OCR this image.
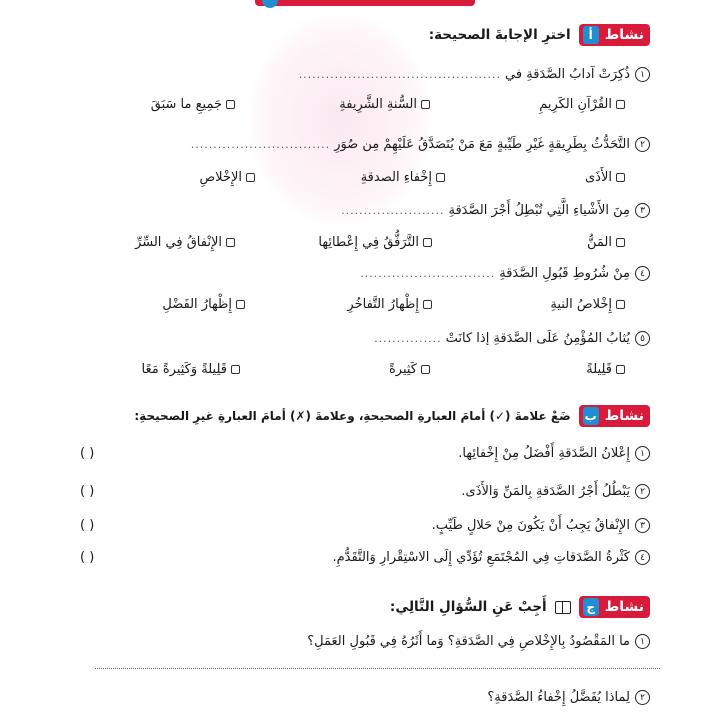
نشاط
أ
اخترِ الإجابةَ الصحيحة:
١
ذُكِرَتْ آدابُ الصَّدَقةِ في
.............................................
القُرْآنِ الكَرِيمِ
السُّنةِ الشَّرِيفةِ
جَمِيعِ ما سَبَقَ
٢
التَّحَدُّثُ بِطَرِيقةٍ غَيْرِ طَيِّبةٍ مَعَ مَنْ يُتَصَدَّقُ عَلَيْهِمْ مِن صُوَرِ
...............................
الأَذَى
إِخْفاءِ الصدقةِ
الإِخْلاصِ
٣
مِنَ الأَشْياءِ الَّتِي تُبْطِلُ أَجْرَ الصَّدَقةِ
.......................
المَنُّ
التَّرَفُّقُ فِي إِعْطائِها
الإِنْفاقُ فِي السِّرِّ
٤
مِنْ شُرُوطِ قَبُولِ الصَّدَقةِ
..............................
إِخْلاصُ النيةِ
إِظْهارُ التَّفاخُرِ
إِظْهارُ الفَضْلِ
٥
يُثابُ المُؤْمِنُ عَلَى الصَّدَقةِ إذا كانَتْ
...............
قَلِيلةً
كَثِيرةً
قَلِيلةً وَكَثِيرةً مَعًا
نشاط
ب
ضَعْ علامةَ (✓) أمامَ العبارةِ الصحيحةِ، وعلامةَ (✗) أمامَ العبارةِ غيرِ الصحيحةِ:
١
إِعْلانُ الصَّدَقةِ أَفْضَلُ مِنْ إِخْفائِها.
( )
٢
يَبْطُلُ أَجْرُ الصَّدَقةِ بِالمَنِّ وَالأَذَى.
( )
٣
الإِنْفاقُ يَجِبُ أَنْ يَكُونَ مِنْ حَلالٍ طَيِّبٍ.
( )
٤
كَثْرةُ الصَّدَقاتِ فِي المُجْتَمَعِ تُؤَدِّي إِلَى الاسْتِقْرارِ وَالتَّقَدُّمِ.
( )
نشاط
ج
أَجِبْ عَنِ السُّؤالِ التَّالِي:
١
ما المَقْصُودُ بِالإِخْلاصِ فِي الصَّدَقةِ؟ وَما أَثَرُهُ فِي قَبُولِ العَمَلِ؟
٢
لِماذا يُفَضَّلُ إِخْفاءُ الصَّدَقةِ؟
